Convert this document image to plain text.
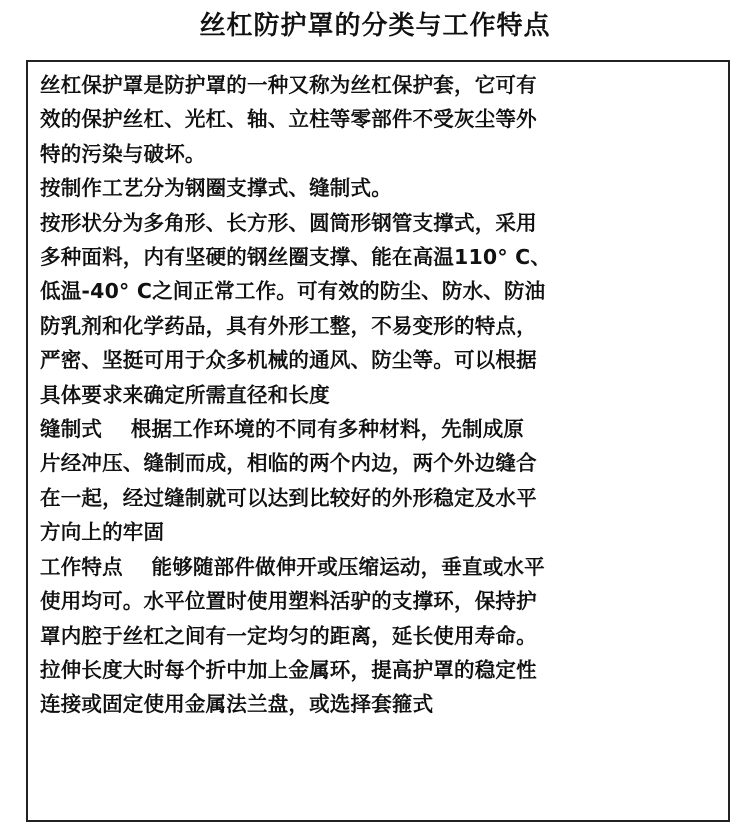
丝杠防护罩的分类与工作特点
丝杠保护罩是防护罩的一种又称为丝杠保护套，它可有
效的保护丝杠、光杠、轴、立柱等零部件不受灰尘等外
特的污染与破坏。
按制作工艺分为钢圈支撑式、缝制式。
按形状分为多角形、长方形、圆筒形钢管支撑式，采用
多种面料，内有坚硬的钢丝圈支撑、能在高温110° C、
低温-40° C之间正常工作。可有效的防尘、防水、防油
防乳剂和化学药品，具有外形工整，不易变形的特点，
严密、坚挺可用于众多机械的通风、防尘等。可以根据
具体要求来确定所需直径和长度
缝制式 根据工作环境的不同有多种材料，先制成原
片经冲压、缝制而成，相临的两个内边，两个外边缝合
在一起，经过缝制就可以达到比较好的外形稳定及水平
方向上的牢固
工作特点 能够随部件做伸开或压缩运动，垂直或水平
使用均可。水平位置时使用塑料活驴的支撑环，保持护
罩内腔于丝杠之间有一定均匀的距离，延长使用寿命。
拉伸长度大时每个折中加上金属环，提高护罩的稳定性
连接或固定使用金属法兰盘，或选择套箍式
